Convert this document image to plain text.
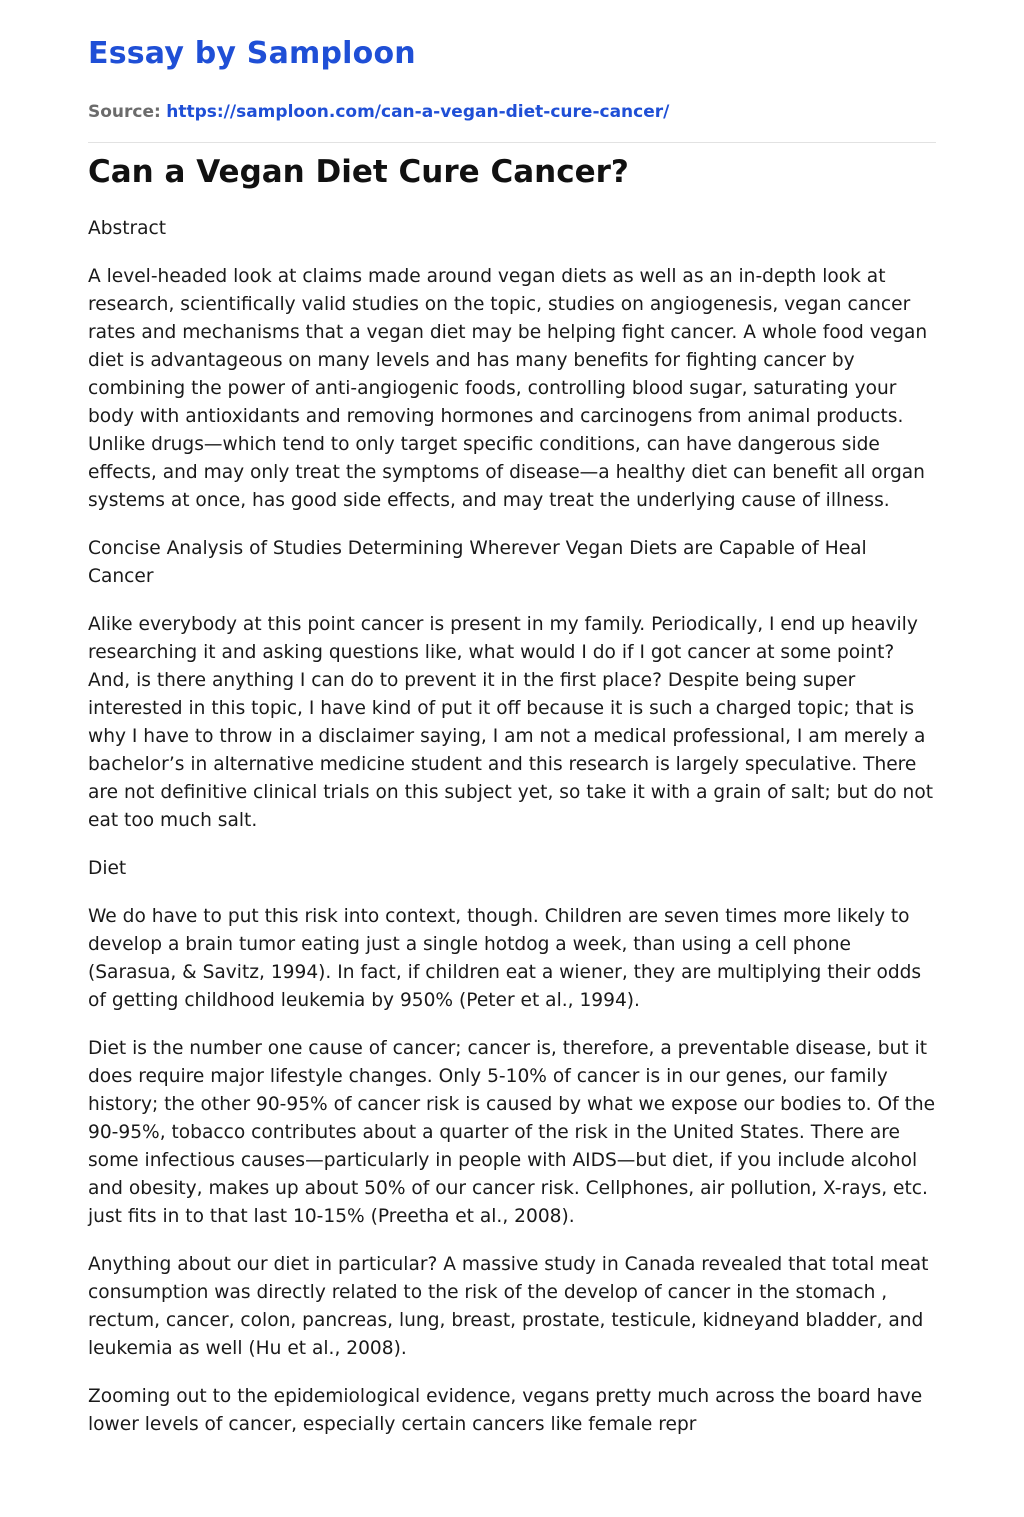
Essay by Samploon
Source: https://samploon.com/can-a-vegan-diet-cure-cancer/
Can a Vegan Diet Cure Cancer?

Abstract

A level-headed look at claims made around vegan diets as well as an in-depth look at research, scientifically valid studies on the topic, studies on angiogenesis, vegan cancer rates and mechanisms that a vegan diet may be helping fight cancer. A whole food vegan diet is advantageous on many levels and has many benefits for fighting cancer by combining the power of anti-angiogenic foods, controlling blood sugar, saturating your body with antioxidants and removing hormones and carcinogens from animal products. Unlike drugs—which tend to only target specific conditions, can have dangerous side effects, and may only treat the symptoms of disease—a healthy diet can benefit all organ systems at once, has good side effects, and may treat the underlying cause of illness.

Concise Analysis of Studies Determining Wherever Vegan Diets are Capable of Heal Cancer

Alike everybody at this point cancer is present in my family. Periodically, I end up heavily researching it and asking questions like, what would I do if I got cancer at some point? And, is there anything I can do to prevent it in the first place? Despite being super interested in this topic, I have kind of put it off because it is such a charged topic; that is why I have to throw in a disclaimer saying, I am not a medical professional, I am merely a bachelor’s in alternative medicine student and this research is largely speculative. There are not definitive clinical trials on this subject yet, so take it with a grain of salt; but do not eat too much salt.

Diet

We do have to put this risk into context, though. Children are seven times more likely to develop a brain tumor eating just a single hotdog a week, than using a cell phone (Sarasua, & Savitz, 1994). In fact, if children eat a wiener, they are multiplying their odds of getting childhood leukemia by 950% (Peter et al., 1994).

Diet is the number one cause of cancer; cancer is, therefore, a preventable disease, but it does require major lifestyle changes. Only 5-10% of cancer is in our genes, our family history; the other 90-95% of cancer risk is caused by what we expose our bodies to. Of the 90-95%, tobacco contributes about a quarter of the risk in the United States. There are some infectious causes—particularly in people with AIDS—but diet, if you include alcohol and obesity, makes up about 50% of our cancer risk. Cellphones, air pollution, X-rays, etc. just fits in to that last 10-15% (Preetha et al., 2008).

Anything about our diet in particular? A massive study in Canada revealed that total meat consumption was directly related to the risk of the develop of cancer in the stomach , rectum, cancer, colon, pancreas, lung, breast, prostate, testicule, kidneyand bladder, and leukemia as well (Hu et al., 2008).

Zooming out to the epidemiological evidence, vegans pretty much across the board have lower levels of cancer, especially certain cancers like female repr
